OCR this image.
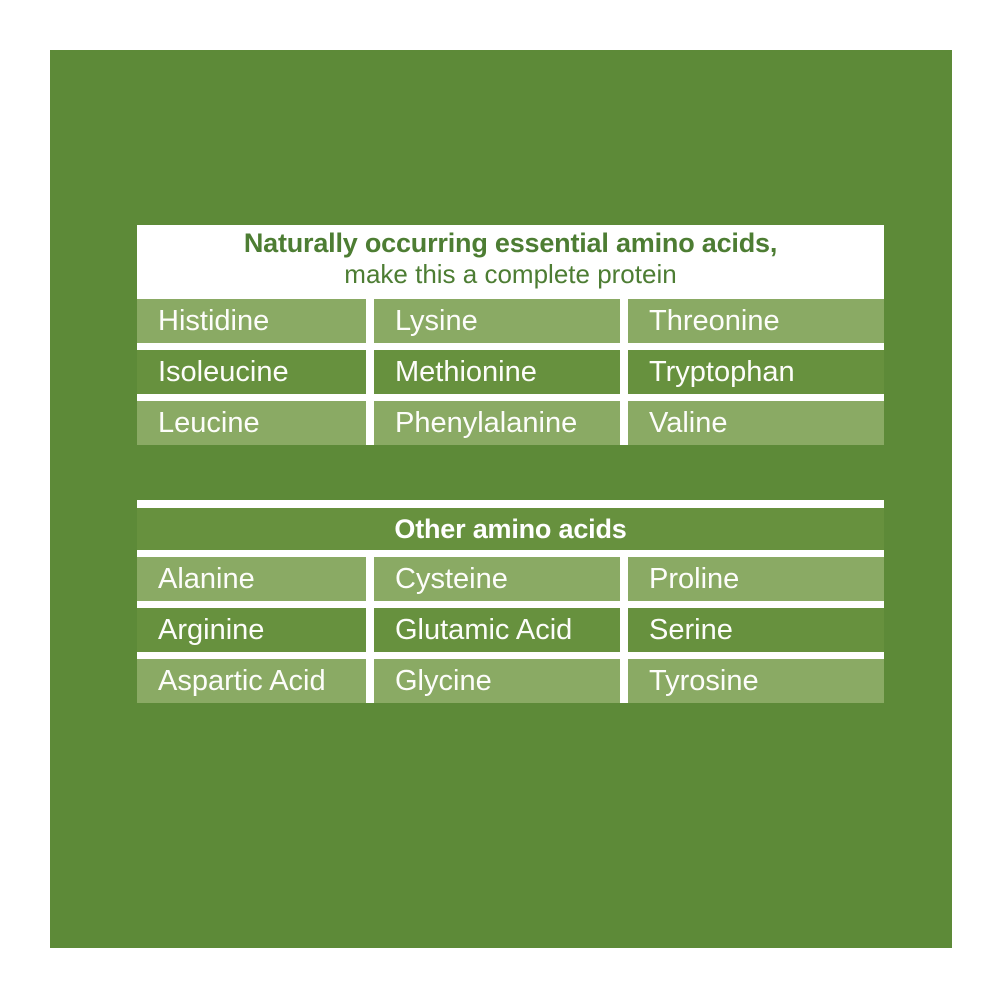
Naturally occurring essential amino acids,
make this a complete protein
Histidine	Lysine	Threonine
Isoleucine	Methionine	Tryptophan
Leucine	Phenylalanine	Valine
Other amino acids
Alanine	Cysteine	Proline
Arginine	Glutamic Acid	Serine
Aspartic Acid	Glycine	Tyrosine
